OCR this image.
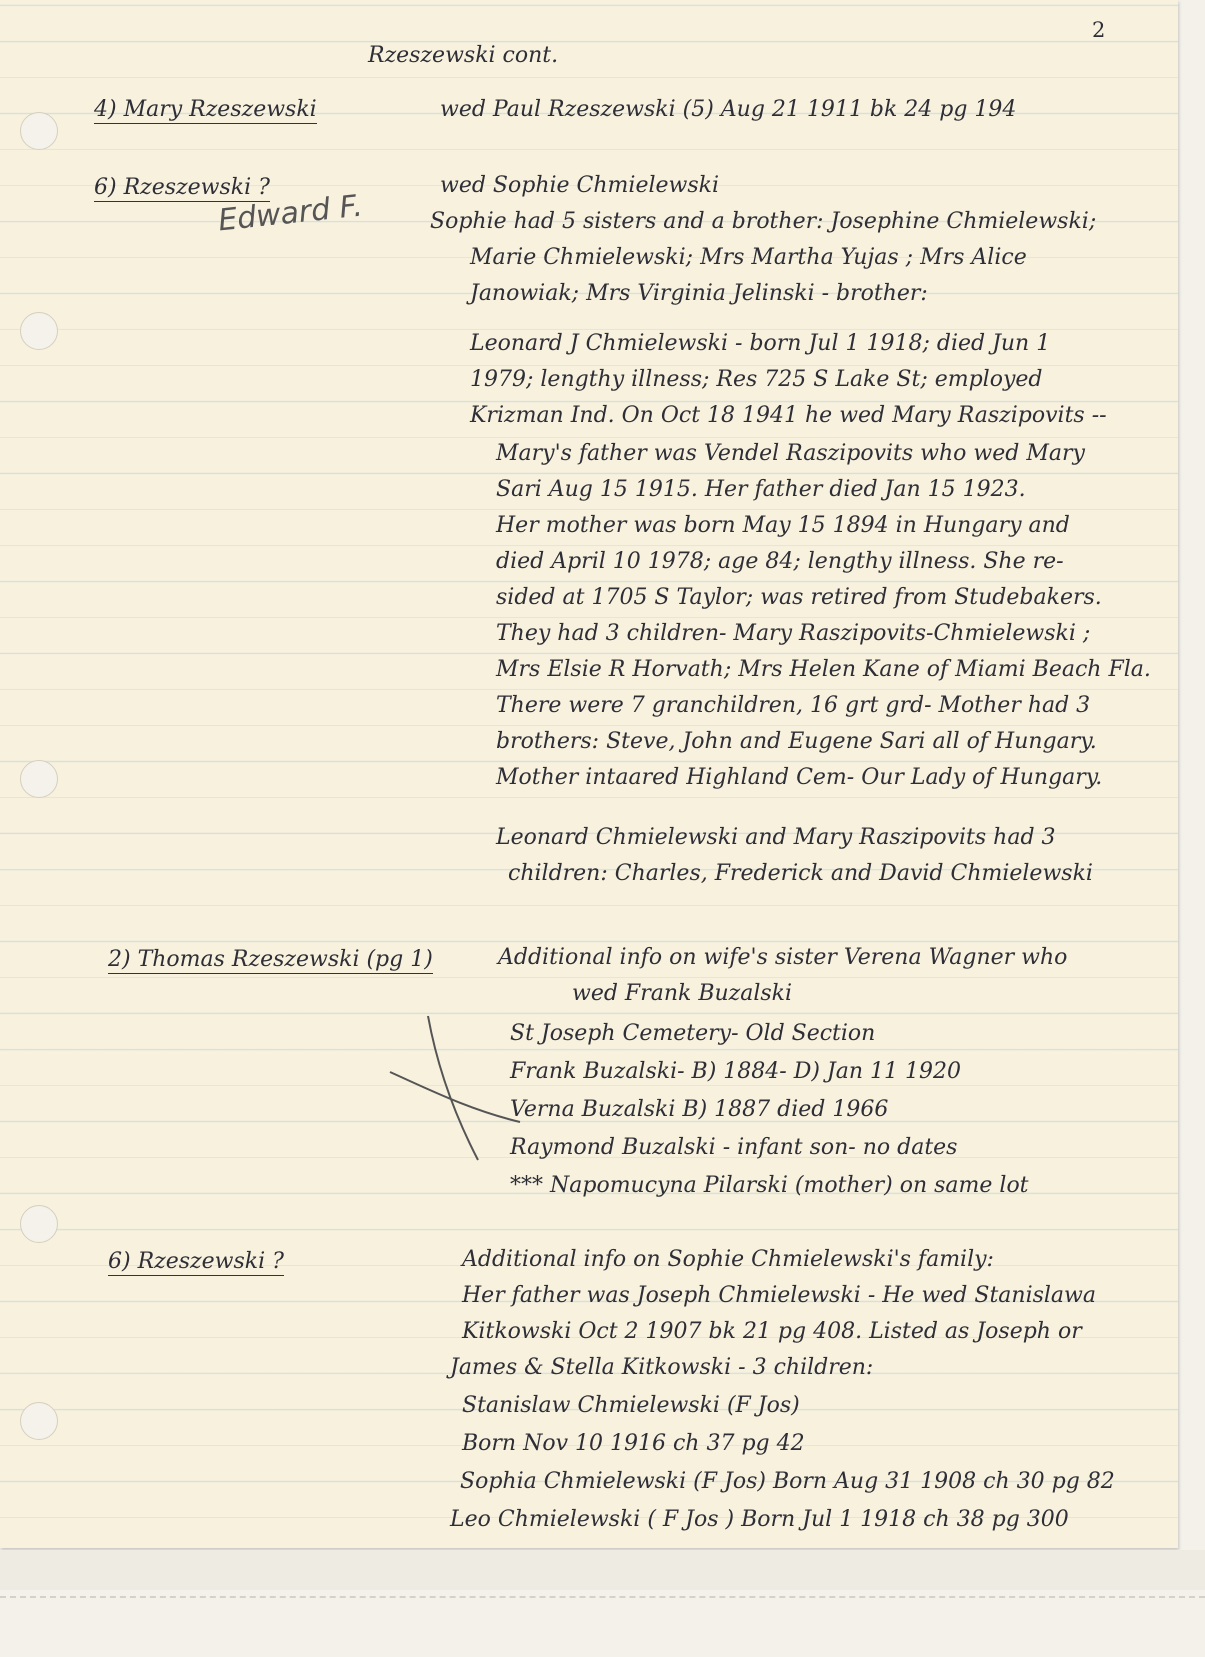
2
Rzeszewski cont.
4) Mary Rzeszewski	wed Paul Rzeszewski (5) Aug 21 1911 bk 24 pg 194
6) Rzeszewski ?
Edward F.
wed Sophie Chmielewski
Sophie had 5 sisters and a brother: Josephine Chmielewski;
Marie Chmielewski; Mrs Martha Yujas ; Mrs Alice
Janowiak; Mrs Virginia Jelinski - brother:
Leonard J Chmielewski - born Jul 1 1918; died Jun 1
1979; lengthy illness; Res 725 S Lake St; employed
Krizman Ind. On Oct 18 1941 he wed Mary Raszipovits --
Mary's father was Vendel Raszipovits who wed Mary
Sari Aug 15 1915. Her father died Jan 15 1923.
Her mother was born May 15 1894 in Hungary and
died April 10 1978; age 84; lengthy illness. She re-
sided at 1705 S Taylor; was retired from Studebakers.
They had 3 children- Mary Raszipovits-Chmielewski ;
Mrs Elsie R Horvath; Mrs Helen Kane of Miami Beach Fla.
There were 7 granchildren, 16 grt grd- Mother had 3
brothers: Steve, John and Eugene Sari all of Hungary.
Mother intaared Highland Cem- Our Lady of Hungary.
Leonard Chmielewski and Mary Raszipovits had 3
children: Charles, Frederick and David Chmielewski
2) Thomas Rzeszewski (pg 1)	Additional info on wife's sister Verena Wagner who
wed Frank Buzalski
St Joseph Cemetery- Old Section
Frank Buzalski- B) 1884- D) Jan 11 1920
Verna Buzalski B) 1887 died 1966
Raymond Buzalski - infant son- no dates
*** Napomucyna Pilarski (mother) on same lot
6) Rzeszewski ?	Additional info on Sophie Chmielewski's family:
Her father was Joseph Chmielewski - He wed Stanislawa
Kitkowski Oct 2 1907 bk 21 pg 408. Listed as Joseph or
James & Stella Kitkowski - 3 children:
Stanislaw Chmielewski (F Jos)
Born Nov 10 1916 ch 37 pg 42
Sophia Chmielewski (F Jos) Born Aug 31 1908 ch 30 pg 82
Leo Chmielewski ( F Jos ) Born Jul 1 1918 ch 38 pg 300
